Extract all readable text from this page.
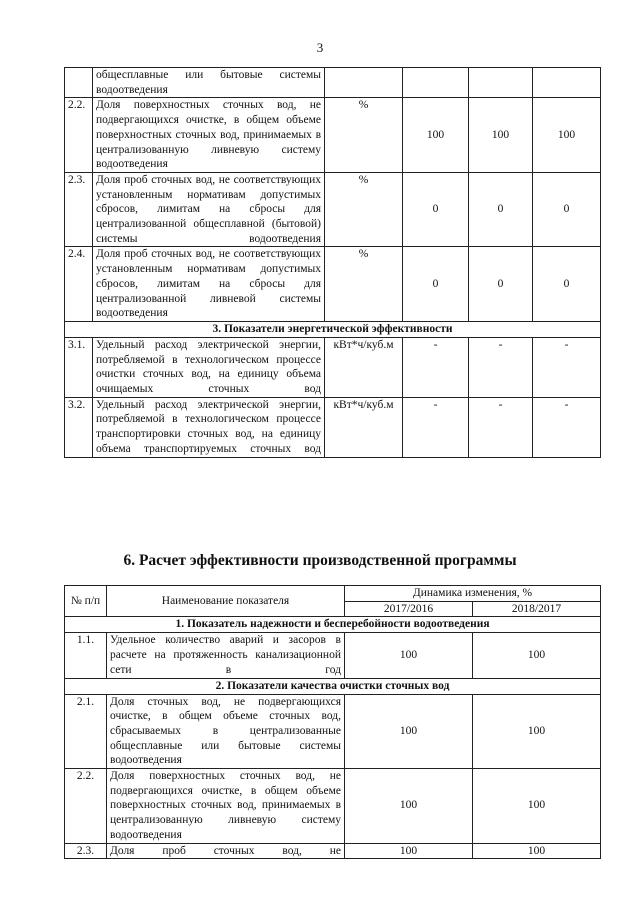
3
	общесплавные или бытовые системы водоотведения				
2.2.	Доля поверхностных сточных вод, не подвергающихся очистке, в общем объеме поверхностных сточных вод, принимаемых в централизованную ливневую систему водоотведения	%	100	100	100
2.3.	Доля проб сточных вод, не соответствующих установленным нормативам допустимых сбросов, лимитам на сбросы для централизованной общесплавной (бытовой) системы водоотведения	%	0	0	0
2.4.	Доля проб сточных вод, не соответствующих установленным нормативам допустимых сбросов, лимитам на сбросы для централизованной ливневой системы водоотведения	%	0	0	0
3. Показатели энергетической эффективности					
3.1.	Удельный расход электрической энергии, потребляемой в технологическом процессе очистки сточных вод, на единицу объема очищаемых сточных вод	кВт*ч/куб.м	-	-	-
3.2.	Удельный расход электрической энергии, потребляемой в технологическом процессе транспортировки сточных вод, на единицу объема транспортируемых сточных вод	кВт*ч/куб.м	-	-	-
6. Расчет эффективности производственной программы
№ п/п	Наименование показателя	Динамика изменения, %	
		2017/2016	2018/2017
1. Показатель надежности и бесперебойности водоотведения			
1.1.	Удельное количество аварий и засоров в расчете на протяженность канализационной сети в год	100	100
2. Показатели качества очистки сточных вод			
2.1.	Доля сточных вод, не подвергающихся очистке, в общем объеме сточных вод, сбрасываемых в централизованные общесплавные или бытовые системы водоотведения	100	100
2.2.	Доля поверхностных сточных вод, не подвергающихся очистке, в общем объеме поверхностных сточных вод, принимаемых в централизованную ливневую систему водоотведения	100	100
2.3.	Доля проб сточных вод, не	100	100
